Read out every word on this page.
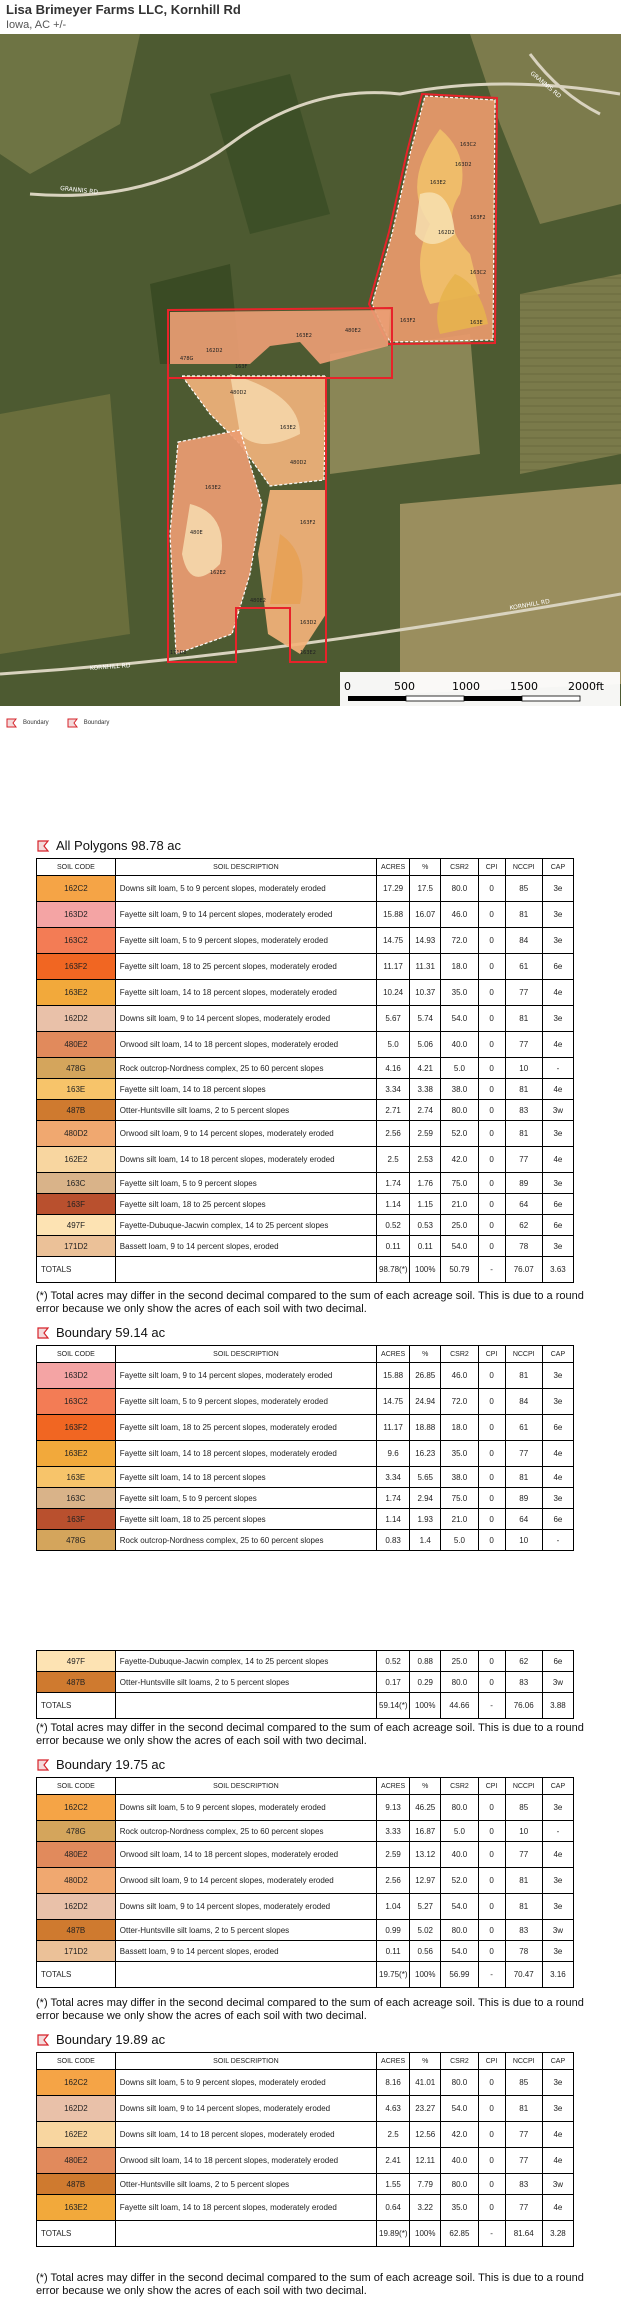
Lisa Brimeyer Farms LLC, Kornhill Rd
Iowa, AC +/-
GRANNIS RD
GRANNIS RD
KORNHILL RD
KORNHILL RD
163C2
163D2
163E2
163F2
162D2
163C2
163E
163F2
480E2
163E2
163F
162D2
478G
480D2
163E2
480D2
163E2
480E
163F2
162E2
480E2
163D2
163E2
171D2
0	500	1000	1500	2000ft
Boundary	Boundary
All Polygons 98.78 ac
SOIL CODE	SOIL DESCRIPTION	ACRES	%	CSR2	CPI	NCCPI	CAP
162C2	Downs silt loam, 5 to 9 percent slopes, moderately eroded	17.29	17.5	80.0	0	85	3e
163D2	Fayette silt loam, 9 to 14 percent slopes, moderately eroded	15.88	16.07	46.0	0	81	3e
163C2	Fayette silt loam, 5 to 9 percent slopes, moderately eroded	14.75	14.93	72.0	0	84	3e
163F2	Fayette silt loam, 18 to 25 percent slopes, moderately eroded	11.17	11.31	18.0	0	61	6e
163E2	Fayette silt loam, 14 to 18 percent slopes, moderately eroded	10.24	10.37	35.0	0	77	4e
162D2	Downs silt loam, 9 to 14 percent slopes, moderately eroded	5.67	5.74	54.0	0	81	3e
480E2	Orwood silt loam, 14 to 18 percent slopes, moderately eroded	5.0	5.06	40.0	0	77	4e
478G	Rock outcrop-Nordness complex, 25 to 60 percent slopes	4.16	4.21	5.0	0	10	-
163E	Fayette silt loam, 14 to 18 percent slopes	3.34	3.38	38.0	0	81	4e
487B	Otter-Huntsville silt loams, 2 to 5 percent slopes	2.71	2.74	80.0	0	83	3w
480D2	Orwood silt loam, 9 to 14 percent slopes, moderately eroded	2.56	2.59	52.0	0	81	3e
162E2	Downs silt loam, 14 to 18 percent slopes, moderately eroded	2.5	2.53	42.0	0	77	4e
163C	Fayette silt loam, 5 to 9 percent slopes	1.74	1.76	75.0	0	89	3e
163F	Fayette silt loam, 18 to 25 percent slopes	1.14	1.15	21.0	0	64	6e
497F	Fayette-Dubuque-Jacwin complex, 14 to 25 percent slopes	0.52	0.53	25.0	0	62	6e
171D2	Bassett loam, 9 to 14 percent slopes, eroded	0.11	0.11	54.0	0	78	3e
TOTALS		98.78(*)	100%	50.79	-	76.07	3.63
(*) Total acres may differ in the second decimal compared to the sum of each acreage soil. This is due to a round error because we only show the acres of each soil with two decimal.
Boundary 59.14 ac
SOIL CODE	SOIL DESCRIPTION	ACRES	%	CSR2	CPI	NCCPI	CAP
163D2	Fayette silt loam, 9 to 14 percent slopes, moderately eroded	15.88	26.85	46.0	0	81	3e
163C2	Fayette silt loam, 5 to 9 percent slopes, moderately eroded	14.75	24.94	72.0	0	84	3e
163F2	Fayette silt loam, 18 to 25 percent slopes, moderately eroded	11.17	18.88	18.0	0	61	6e
163E2	Fayette silt loam, 14 to 18 percent slopes, moderately eroded	9.6	16.23	35.0	0	77	4e
163E	Fayette silt loam, 14 to 18 percent slopes	3.34	5.65	38.0	0	81	4e
163C	Fayette silt loam, 5 to 9 percent slopes	1.74	2.94	75.0	0	89	3e
163F	Fayette silt loam, 18 to 25 percent slopes	1.14	1.93	21.0	0	64	6e
478G	Rock outcrop-Nordness complex, 25 to 60 percent slopes	0.83	1.4	5.0	0	10	-
497F	Fayette-Dubuque-Jacwin complex, 14 to 25 percent slopes	0.52	0.88	25.0	0	62	6e
487B	Otter-Huntsville silt loams, 2 to 5 percent slopes	0.17	0.29	80.0	0	83	3w
TOTALS		59.14(*)	100%	44.66	-	76.06	3.88
(*) Total acres may differ in the second decimal compared to the sum of each acreage soil. This is due to a round error because we only show the acres of each soil with two decimal.
Boundary 19.75 ac
SOIL CODE	SOIL DESCRIPTION	ACRES	%	CSR2	CPI	NCCPI	CAP
162C2	Downs silt loam, 5 to 9 percent slopes, moderately eroded	9.13	46.25	80.0	0	85	3e
478G	Rock outcrop-Nordness complex, 25 to 60 percent slopes	3.33	16.87	5.0	0	10	-
480E2	Orwood silt loam, 14 to 18 percent slopes, moderately eroded	2.59	13.12	40.0	0	77	4e
480D2	Orwood silt loam, 9 to 14 percent slopes, moderately eroded	2.56	12.97	52.0	0	81	3e
162D2	Downs silt loam, 9 to 14 percent slopes, moderately eroded	1.04	5.27	54.0	0	81	3e
487B	Otter-Huntsville silt loams, 2 to 5 percent slopes	0.99	5.02	80.0	0	83	3w
171D2	Bassett loam, 9 to 14 percent slopes, eroded	0.11	0.56	54.0	0	78	3e
TOTALS		19.75(*)	100%	56.99	-	70.47	3.16
(*) Total acres may differ in the second decimal compared to the sum of each acreage soil. This is due to a round error because we only show the acres of each soil with two decimal.
Boundary 19.89 ac
SOIL CODE	SOIL DESCRIPTION	ACRES	%	CSR2	CPI	NCCPI	CAP
162C2	Downs silt loam, 5 to 9 percent slopes, moderately eroded	8.16	41.01	80.0	0	85	3e
162D2	Downs silt loam, 9 to 14 percent slopes, moderately eroded	4.63	23.27	54.0	0	81	3e
162E2	Downs silt loam, 14 to 18 percent slopes, moderately eroded	2.5	12.56	42.0	0	77	4e
480E2	Orwood silt loam, 14 to 18 percent slopes, moderately eroded	2.41	12.11	40.0	0	77	4e
487B	Otter-Huntsville silt loams, 2 to 5 percent slopes	1.55	7.79	80.0	0	83	3w
163E2	Fayette silt loam, 14 to 18 percent slopes, moderately eroded	0.64	3.22	35.0	0	77	4e
TOTALS		19.89(*)	100%	62.85	-	81.64	3.28
(*) Total acres may differ in the second decimal compared to the sum of each acreage soil. This is due to a round error because we only show the acres of each soil with two decimal.
